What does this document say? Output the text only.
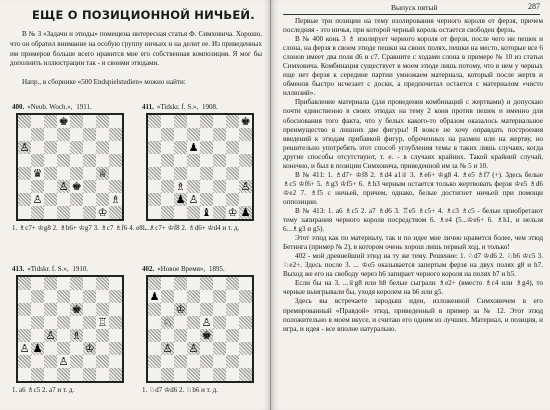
ЕЩЕ О ПОЗИЦИОННОЙ НИЧЬЕЙ.

В № 3 «Задачи и этюды» помещена интересная статья Ф. Симховича. Хорошо, что он обратил внимание на особую группу ничьих и на делит ее. Из приведенных им примеров больше всего нравится мне его собственная композиция. Я мог бы дополнить иллюстрации так - и своими этюдами.

Напр., в сборнике «500 Endspielstudien» можно найти:

400. «Neub. Woch.», 1911.
♚
♙
♛	♕
♙ ♚
♙	♗
♔
1. ♗c7+ ♔g8 2. ♗b6+ ♔g7 3. ♗c7 ♗f6 4. e8 …
411. «Tidskr. f. S.», 1908.
♚
♟
♗	♙
♟ ♙
♝ ♔ ♟
1. ♗c7+ ♔f8 2. ♗d6+ ♔d4 и т. д.
413. «Tidskr. f. S.», 1910.
♚
♖
♙ ♗
♙ ♟	♔
♙
1. a6 ♗c5 2. a7 и т. д.
402. «Новое Время», 1895.
♟
♔
♘	♙
♚
♙ ♙
1. ♘d7 ♔d6 2. ♘b6 и т. д.
Выпуск пятый	287

Первые три позиции на тему изолирования черного короля от ферзя, причем последняя - это ничья, при которой черный король остается свободен ферзь.

В № 400 конь 3 ♗ изолирует черного короля от ферзя, после чего ни пешек и слона, на ферзя в своем этюде пешки на своих полях, пешки на место, которые все 6 слонов имеет два поля d6 и c7. Сравните с ходами слона в примере № 10 из статьи Симховича. Комбинация существует в моем этюде лишь потому, что в нем у черных еще нет ферзя к середине партии умножаем материала, который после жертв и обменов быстро исчезает с доски, а предпочитал остается с материалом «чисто иллюзий».

Прибавление материала (для проведения комбинаций с жертвами) и допускаю почти единственно в своих этюдах на тему 2 коня против пешек и именно для обоснования того факта, что у белых какого-то образом оказалось материальное преимущество в лишних две фигуры! Я вовсе не хочу оправдать построения введений к этюдам прибавкой фигур, обреченных на размен или на жертву, но решительно употребять этот способ углубления темы в таких лишь случаях, когда другие способы отсутствуют, т. е. - в случаях крайних. Такой крайний случай, конечно, и был в позиции Симховича, приведенной им за № 5 и 10.

В № 411: 1. ♗d7+ ♔f8 2. ♗d4 a1♕ 3. ♗e6+ ♔g8 4. ♗e5 ♗f7 (+). Здесь белые ♗c5 ♔f6+ 5. ♗g3 ♔f5+ 6. ♗h3 черным остается только жертвовать ферзя ♔e5 ♗d6 ♔e2 7. ♗f5 с ничьей, причем, однако, белые достигнет ничьей при помощи оппозиции.

В № 413: 1. a6 ♗c5 2. a7 ♗d6 3. ♖e5 ♗c5+ 4. ♗c3 ♗c5 - белые приобретают тему запирания черного короля посредством 6. ♗e4 (5...♔e6+ 6. ♗h1, и нельзя 6...♗g3 и g5).

Этот этюд как по материалу, так и по идее мне лично нравится более, чем этюд Бетинга (пример № 2), в котором очень хорош лишь первый ход, и только!

402 - мой древнейший этюд на ту же тему. Решение: 1. ♘d7 ♔d6 2. ♘b6 ♔c5 3. ♘e2+. Здесь после 3. ... ♔e5 оказывается запертым ферзя на двух полях g8 и h7. Выход же его на свободу через h6 запирает черного короля на полях b7 и h5.

Если бы на 3. ...♕g8 или h8 белые сыграли ♗e2+ (вместо ♗c4 или ♗g4), то черные выигрывали бы, уходя королем на b6 или g5.

Здесь вы встречаете зародыш идеи, изложенной Симховичем в его премированный «Правдой» этюд, приведенный в пример за № 12. Этот этюд положительно в моем вкусе, и считаю его одним из лучших. Материал, и позиция, и игра, и идея - все вполне натурально.
